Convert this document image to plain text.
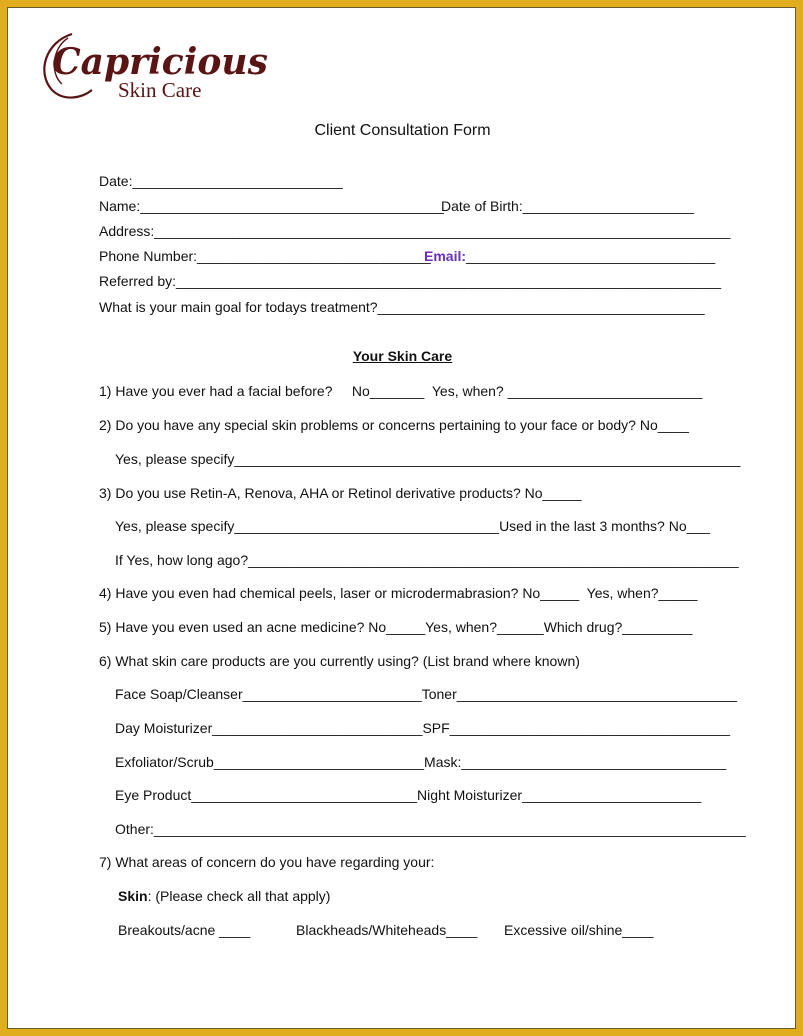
Capricious
Skin Care
Client Consultation Form
Date:___________________________
Name:_______________________________________
Date of Birth:______________________
Address:__________________________________________________________________________
Phone Number:______________________________
Email:________________________________
Referred by:______________________________________________________________________
What is your main goal for todays treatment?__________________________________________
Your Skin Care
1) Have you ever had a facial before?     No_______  Yes, when? _________________________
2) Do you have any special skin problems or concerns pertaining to your face or body? No____
Yes, please specify_________________________________________________________________
3) Do you use Retin-A, Renova, AHA or Retinol derivative products? No_____
Yes, please specify__________________________________Used in the last 3 months? No___
If Yes, how long ago?_______________________________________________________________
4) Have you even had chemical peels, laser or microdermabrasion? No_____  Yes, when?_____
5) Have you even used an acne medicine? No_____Yes, when?______Which drug?_________
6) What skin care products are you currently using? (List brand where known)
Face Soap/Cleanser_______________________Toner____________________________________
Day Moisturizer___________________________SPF____________________________________
Exfoliator/Scrub___________________________Mask:__________________________________
Eye Product_____________________________Night Moisturizer_______________________
Other:____________________________________________________________________________
7) What areas of concern do you have regarding your:
Skin: (Please check all that apply)
Breakouts/acne ____	Blackheads/Whiteheads____ Excessive oil/shine____
